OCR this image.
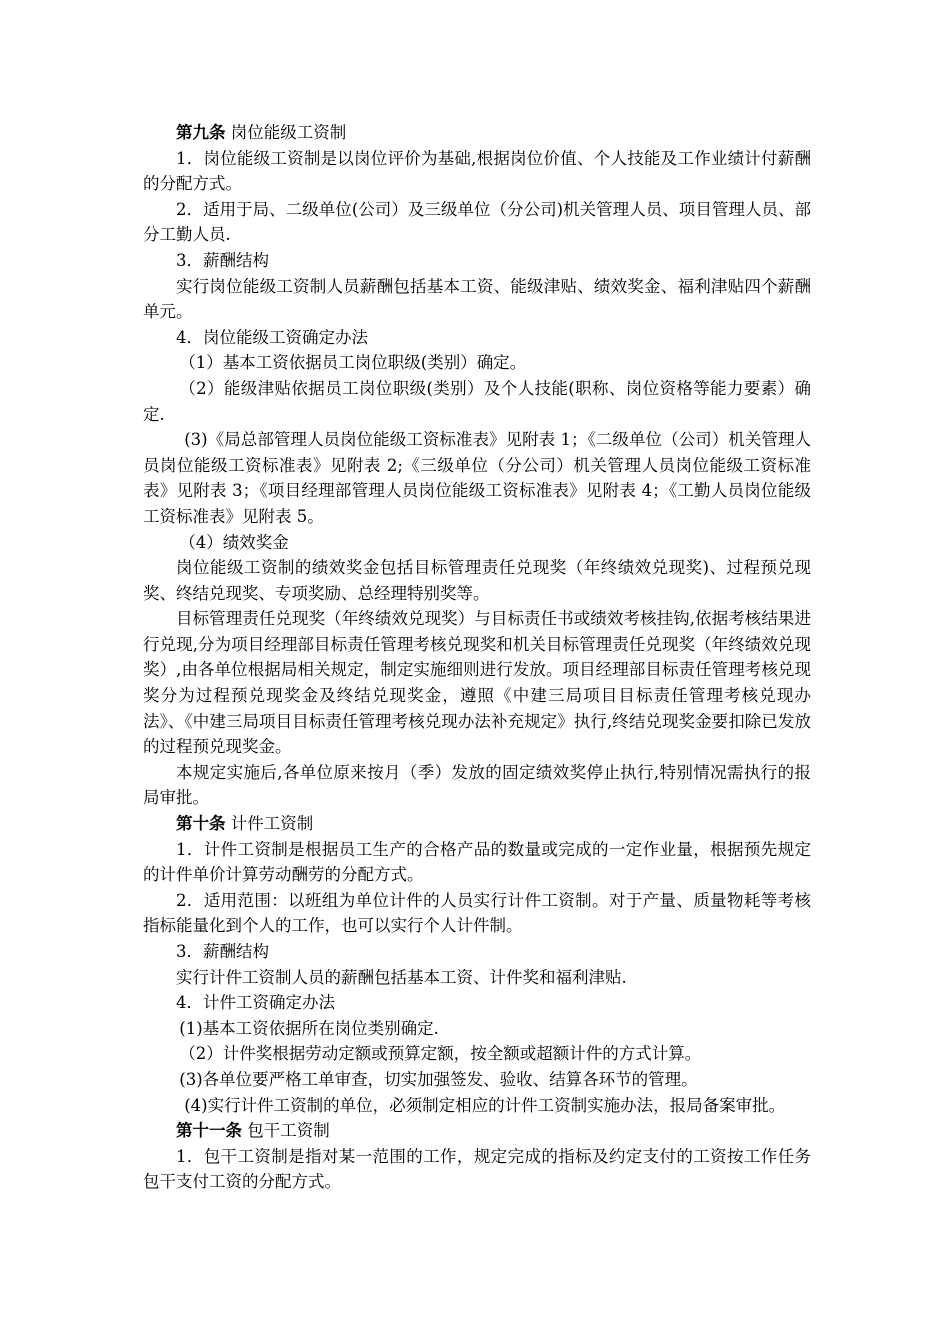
第九条 岗位能级工资制

1．岗位能级工资制是以岗位评价为基础,根据岗位价值、个人技能及工作业绩计付薪酬的分配方式。

2．适用于局、二级单位(公司）及三级单位（分公司)机关管理人员、项目管理人员、部分工勤人员.

3．薪酬结构

实行岗位能级工资制人员薪酬包括基本工资、能级津贴、绩效奖金、福利津贴四个薪酬单元。

4．岗位能级工资确定办法

（1）基本工资依据员工岗位职级(类别）确定。

（2）能级津贴依据员工岗位职级(类别）及个人技能(职称、岗位资格等能力要素）确定.

(3)《局总部管理人员岗位能级工资标准表》见附表 1；《二级单位（公司）机关管理人员岗位能级工资标准表》见附表 2;《三级单位（分公司）机关管理人员岗位能级工资标准表》见附表 3；《项目经理部管理人员岗位能级工资标准表》见附表 4；《工勤人员岗位能级工资标准表》见附表 5。

（4）绩效奖金

岗位能级工资制的绩效奖金包括目标管理责任兑现奖（年终绩效兑现奖)、过程预兑现奖、终结兑现奖、专项奖励、总经理特别奖等。

目标管理责任兑现奖（年终绩效兑现奖）与目标责任书或绩效考核挂钩,依据考核结果进行兑现,分为项目经理部目标责任管理考核兑现奖和机关目标管理责任兑现奖（年终绩效兑现奖）,由各单位根据局相关规定，制定实施细则进行发放。项目经理部目标责任管理考核兑现奖分为过程预兑现奖金及终结兑现奖金，遵照《中建三局项目目标责任管理考核兑现办法》、《中建三局项目目标责任管理考核兑现办法补充规定》执行,终结兑现奖金要扣除已发放的过程预兑现奖金。

本规定实施后,各单位原来按月（季）发放的固定绩效奖停止执行,特别情况需执行的报局审批。

第十条 计件工资制

1．计件工资制是根据员工生产的合格产品的数量或完成的一定作业量，根据预先规定的计件单价计算劳动酬劳的分配方式。

2．适用范围：以班组为单位计件的人员实行计件工资制。对于产量、质量物耗等考核指标能量化到个人的工作，也可以实行个人计件制。

3．薪酬结构

实行计件工资制人员的薪酬包括基本工资、计件奖和福利津贴.

4．计件工资确定办法

(1)基本工资依据所在岗位类别确定.

（2）计件奖根据劳动定额或预算定额，按全额或超额计件的方式计算。

(3)各单位要严格工单审查，切实加强签发、验收、结算各环节的管理。

(4)实行计件工资制的单位，必须制定相应的计件工资制实施办法，报局备案审批。

第十一条 包干工资制

1．包干工资制是指对某一范围的工作，规定完成的指标及约定支付的工资按工作任务包干支付工资的分配方式。
